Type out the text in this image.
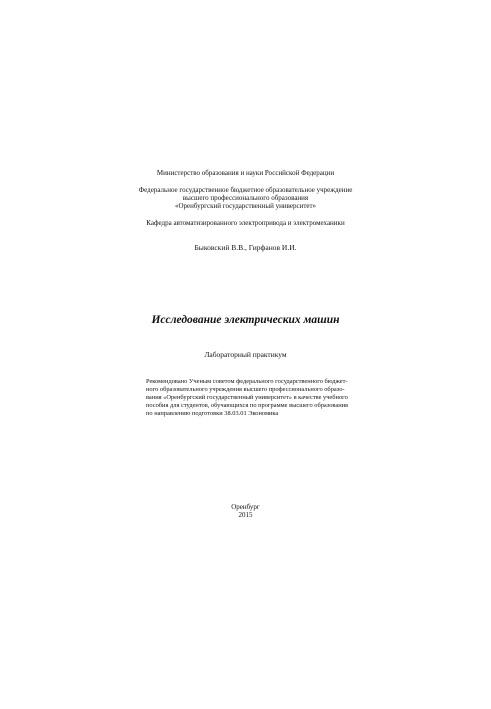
Министерство образования и науки Российской Федерации
Федеральное государственное бюджетное образовательное учреждение
высшего профессионального образования
«Оренбургский государственный университет»
Кафедра автоматизированного электропривода и электромеханики
Быковский В.В., Гирфанов И.И.
Исследование электрических машин
Лабораторный практикум
Рекомендовано Ученым советом федерального государственного бюджет-
ного образовательного учреждения высшего профессионального образо-
вания «Оренбургский государственный университет» в качестве учебного
пособия для студентов, обучающихся по программе высшего образования
по направлению подготовки 38.03.01 Экономика
Оренбург
2015
